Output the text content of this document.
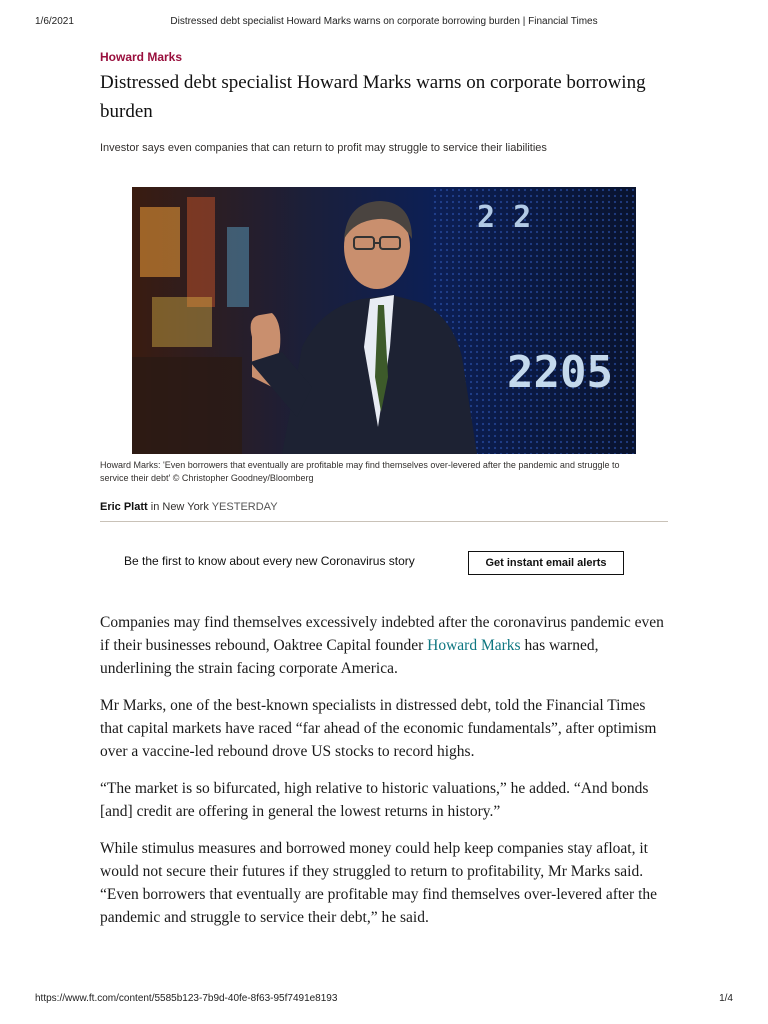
1/6/2021	Distressed debt specialist Howard Marks warns on corporate borrowing burden | Financial Times

Howard Marks

Distressed debt specialist Howard Marks warns on corporate borrowing burden

Investor says even companies that can return to profit may struggle to service their liabilities

2 2
2205

Howard Marks: 'Even borrowers that eventually are profitable may find themselves over-levered after the pandemic and struggle to service their debt' © Christopher Goodney/Bloomberg

Eric Platt in New York YESTERDAY

Be the first to know about every new Coronavirus story	Get instant email alerts

Companies may find themselves excessively indebted after the coronavirus pandemic even if their businesses rebound, Oaktree Capital founder Howard Marks has warned, underlining the strain facing corporate America.

Mr Marks, one of the best-known specialists in distressed debt, told the Financial Times that capital markets have raced “far ahead of the economic fundamentals”, after optimism over a vaccine-led rebound drove US stocks to record highs.

“The market is so bifurcated, high relative to historic valuations,” he added. “And bonds [and] credit are offering in general the lowest returns in history.”

While stimulus measures and borrowed money could help keep companies stay afloat, it would not secure their futures if they struggled to return to profitability, Mr Marks said. “Even borrowers that eventually are profitable may find themselves over-levered after the pandemic and struggle to service their debt,” he said.

https://www.ft.com/content/5585b123-7b9d-40fe-8f63-95f7491e8193	1/4
